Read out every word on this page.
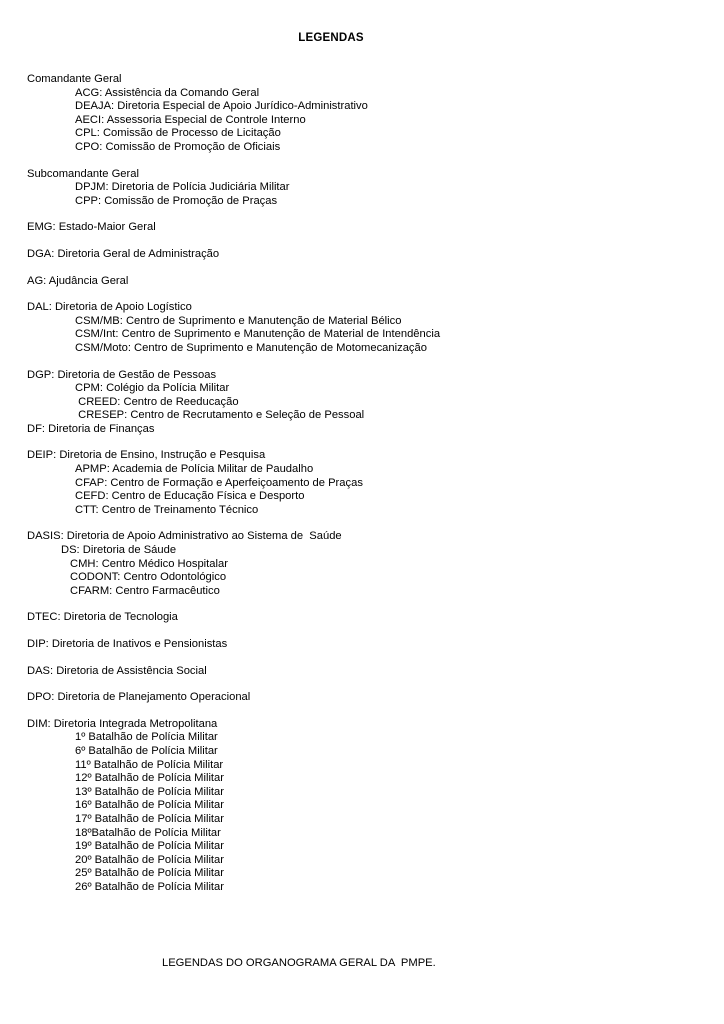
LEGENDAS
Comandante Geral
ACG: Assistência da Comando Geral
DEAJA: Diretoria Especial de Apoio Jurídico-Administrativo
AECI: Assessoria Especial de Controle Interno
CPL: Comissão de Processo de Licitação
CPO: Comissão de Promoção de Oficiais
Subcomandante Geral
DPJM: Diretoria de Polícia Judiciária Militar
CPP: Comissão de Promoção de Praças
EMG: Estado-Maior Geral
DGA: Diretoria Geral de Administração
AG: Ajudância Geral
DAL: Diretoria de Apoio Logístico
CSM/MB: Centro de Suprimento e Manutenção de Material Bélico
CSM/Int: Centro de Suprimento e Manutenção de Material de Intendência
CSM/Moto: Centro de Suprimento e Manutenção de Motomecanização
DGP: Diretoria de Gestão de Pessoas
CPM: Colégio da Polícia Militar
CREED: Centro de Reeducação
CRESEP: Centro de Recrutamento e Seleção de Pessoal
DF: Diretoria de Finanças
DEIP: Diretoria de Ensino, Instrução e Pesquisa
APMP: Academia de Polícia Militar de Paudalho
CFAP: Centro de Formação e Aperfeiçoamento de Praças
CEFD: Centro de Educação Física e Desporto
CTT: Centro de Treinamento Técnico
DASIS: Diretoria de Apoio Administrativo ao Sistema de  Saúde
DS: Diretoria de Sáude
CMH: Centro Médico Hospitalar
CODONT: Centro Odontológico
CFARM: Centro Farmacêutico
DTEC: Diretoria de Tecnologia
DIP: Diretoria de Inativos e Pensionistas
DAS: Diretoria de Assistência Social
DPO: Diretoria de Planejamento Operacional
DIM: Diretoria Integrada Metropolitana
1º Batalhão de Polícia Militar
6º Batalhão de Polícia Militar
11º Batalhão de Polícia Militar
12º Batalhão de Polícia Militar
13º Batalhão de Polícia Militar
16º Batalhão de Polícia Militar
17º Batalhão de Polícia Militar
18ºBatalhão de Polícia Militar
19º Batalhão de Polícia Militar
20º Batalhão de Polícia Militar
25º Batalhão de Polícia Militar
26º Batalhão de Polícia Militar
LEGENDAS DO ORGANOGRAMA GERAL DA  PMPE.
